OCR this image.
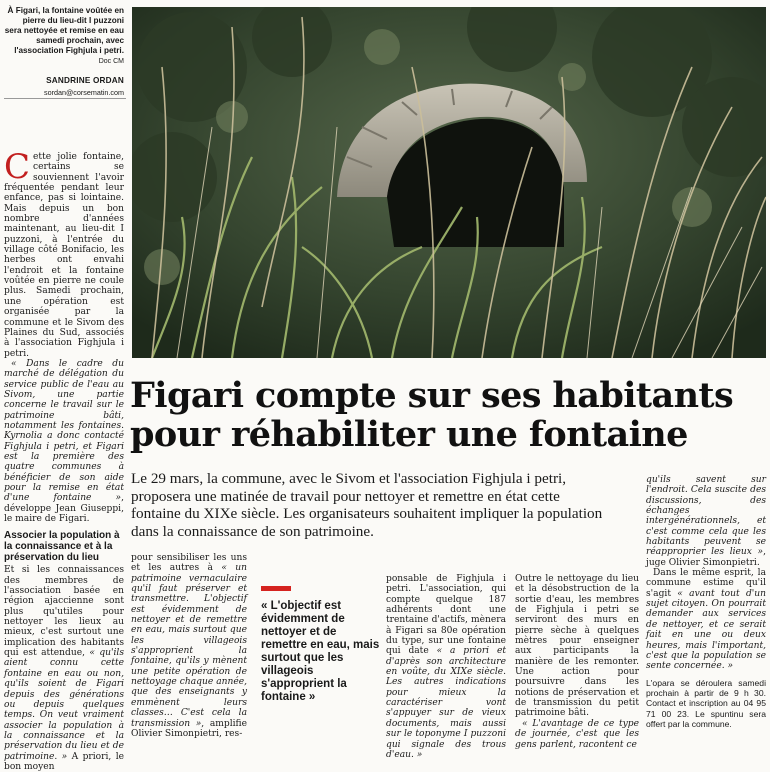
À Figari, la fontaine voûtée en pierre du lieu-dit I puzzoni sera nettoyée et remise en eau samedi prochain, avec l'association Fighjula i petri. Doc CM
SANDRINE ORDAN
sordan@corsematin.com

Cette jolie fontaine, certains se souviennent l'avoir fréquentée pendant leur enfance, pas si lointaine. Mais depuis un bon nombre d'années maintenant, au lieu-dit I puzzoni, à l'entrée du village côté Bonifacio, les herbes ont envahi l'endroit et la fontaine voûtée en pierre ne coule plus. Samedi prochain, une opération est organisée par la commune et le Sivom des Plaines du Sud, associés à l'association Fighjula i petri.

« Dans le cadre du marché de délégation du service public de l'eau au Sivom, une partie concerne le travail sur le patrimoine bâti, notamment les fontaines. Kyrnolia a donc contacté Fighjula i petri, et Figari est la première des quatre communes à bénéficier de son aide pour la remise en état d'une fontaine », développe Jean Giuseppi, le maire de Figari.

Associer la population à la connaissance et à la préservation du lieu

Et si les connaissances des membres de l'association basée en région ajaccienne sont plus qu'utiles pour nettoyer les lieux au mieux, c'est surtout une implication des habitants qui est attendue, « qu'ils aient connu cette fontaine en eau ou non, qu'ils soient de Figari depuis des générations ou depuis quelques temps. On veut vraiment associer la population à la connaissance et la préservation du lieu et de patrimoine. » A priori, le bon moyen

Figari compte sur ses habitants pour réhabiliter une fontaine
Le 29 mars, la commune, avec le Sivom et l'association Fighjula i petri, proposera une matinée de travail pour nettoyer et remettre en état cette fontaine du XIXe siècle. Les organisateurs souhaitent impliquer la population dans la connaissance de son patrimoine.

pour sensibiliser les uns et les autres à « un patrimoine vernaculaire qu'il faut préserver et transmettre. L'objectif est évidemment de nettoyer et de remettre en eau, mais surtout que les villageois s'approprient la fontaine, qu'ils y mènent une petite opération de nettoyage chaque année, que des enseignants y emmènent leurs classes… C'est cela la transmission », amplifie Olivier Simonpietri, res-

« L'objectif est évidemment de nettoyer et de remettre en eau, mais surtout que les villageois s'approprient la fontaine »

ponsable de Fighjula i petri. L'association, qui compte quelque 187 adhérents dont une trentaine d'actifs, mènera à Figari sa 80e opération du type, sur une fontaine qui date « a priori et d'après son architecture en voûte, du XIXe siècle. Les autres indications pour mieux la caractériser vont s'appuyer sur de vieux documents, mais aussi sur le toponyme I puzzoni qui signale des trous d'eau. »

Outre le nettoyage du lieu et la désobstruction de la sortie d'eau, les membres de Fighjula i petri se serviront des murs en pierre sèche à quelques mètres pour enseigner aux participants la manière de les remonter. Une action pour poursuivre dans les notions de préservation et de transmission du petit patrimoine bâti.

« L'avantage de ce type de journée, c'est que les gens parlent, racontent ce

qu'ils savent sur l'endroit. Cela suscite des discussions, des échanges intergénérationnels, et c'est comme cela que les habitants peuvent se réapproprier les lieux », juge Olivier Simonpietri.

Dans le même esprit, la commune estime qu'il s'agit « avant tout d'un sujet citoyen. On pourrait demander aux services de nettoyer, et ce serait fait en une ou deux heures, mais l'important, c'est que la population se sente concernée. »

L'opara se déroulera samedi prochain à partir de 9 h 30. Contact et inscription au 04 95 71 00 23. Le spuntinu sera offert par la commune.
